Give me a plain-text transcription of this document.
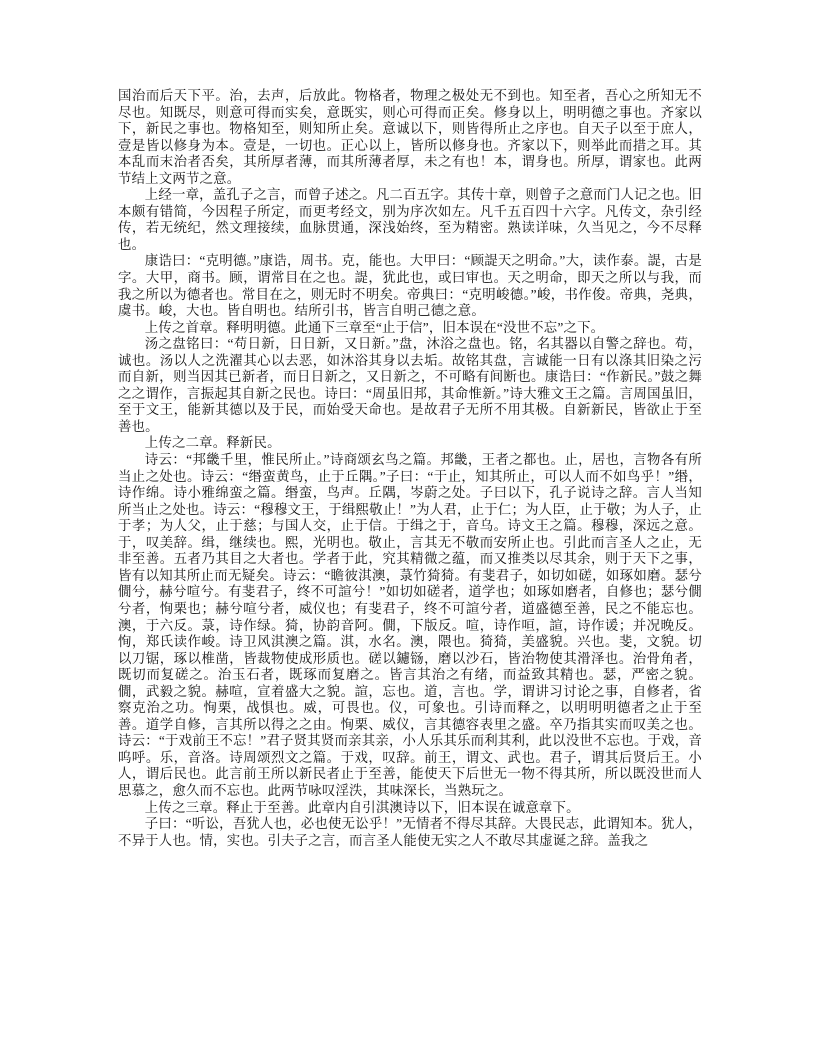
国治而后天下平。治，去声，后放此。物格者，物理之极处无不到也。知至者，吾心之所知无不尽也。知既尽，则意可得而实矣，意既实，则心可得而正矣。修身以上，明明德之事也。齐家以下，新民之事也。物格知至，则知所止矣。意诚以下，则皆得所止之序也。自天子以至于庶人，壹是皆以修身为本。壹是，一切也。正心以上，皆所以修身也。齐家以下，则举此而措之耳。其本乱而末治者否矣，其所厚者薄，而其所薄者厚，未之有也！本，谓身也。所厚，谓家也。此两节结上文两节之意。

上经一章，盖孔子之言，而曾子述之。凡二百五字。其传十章，则曾子之意而门人记之也。旧本颇有错简，今因程子所定，而更考经文，别为序次如左。凡千五百四十六字。凡传文，杂引经传，若无统纪，然文理接续，血脉贯通，深浅始终，至为精密。熟读详味，久当见之，今不尽释也。

康诰曰：“克明德。”康诰，周书。克，能也。大甲曰：“顾諟天之明命。”大，读作泰。諟，古是字。大甲，商书。顾，谓常目在之也。諟，犹此也，或曰审也。天之明命，即天之所以与我，而我之所以为德者也。常目在之，则无时不明矣。帝典曰：“克明峻德。”峻，书作俊。帝典，尧典，虞书。峻，大也。皆自明也。结所引书，皆言自明己德之意。

上传之首章。释明明德。此通下三章至“止于信”，旧本误在“没世不忘”之下。

汤之盘铭曰：“苟日新，日日新，又日新。”盘，沐浴之盘也。铭，名其器以自警之辞也。苟，诚也。汤以人之洗濯其心以去恶，如沐浴其身以去垢。故铭其盘，言诚能一日有以涤其旧染之污而自新，则当因其已新者，而日日新之，又日新之，不可略有间断也。康诰曰：“作新民。”鼓之舞之之谓作，言振起其自新之民也。诗曰：“周虽旧邦，其命惟新。”诗大雅文王之篇。言周国虽旧，至于文王，能新其德以及于民，而始受天命也。是故君子无所不用其极。自新新民，皆欲止于至善也。

上传之二章。释新民。

诗云：“邦畿千里，惟民所止。”诗商颂玄鸟之篇。邦畿，王者之都也。止，居也，言物各有所当止之处也。诗云：“缗蛮黄鸟，止于丘隅。”子曰：“于止，知其所止，可以人而不如鸟乎！”缗，诗作绵。诗小雅绵蛮之篇。缗蛮，鸟声。丘隅，岑蔚之处。子曰以下，孔子说诗之辞。言人当知所当止之处也。诗云：“穆穆文王，于缉熙敬止！”为人君，止于仁；为人臣，止于敬；为人子，止于孝；为人父，止于慈；与国人交，止于信。于缉之于，音乌。诗文王之篇。穆穆，深远之意。于，叹美辞。缉，继续也。熙，光明也。敬止，言其无不敬而安所止也。引此而言圣人之止，无非至善。五者乃其目之大者也。学者于此，究其精微之蕴，而又推类以尽其余，则于天下之事，皆有以知其所止而无疑矣。诗云：“瞻彼淇澳，菉竹猗猗。有斐君子，如切如磋，如琢如磨。瑟兮僩兮，赫兮喧兮。有斐君子，终不可諠兮！”如切如磋者，道学也；如琢如磨者，自修也；瑟兮僩兮者，恂栗也；赫兮喧兮者，威仪也；有斐君子，终不可諠兮者，道盛德至善，民之不能忘也。澳，于六反。菉，诗作绿。猗，协韵音阿。僩，下版反。喧，诗作咺，諠，诗作谖；并况晚反。恂，郑氏读作峻。诗卫风淇澳之篇。淇，水名。澳，隈也。猗猗，美盛貌。兴也。斐，文貌。切以刀锯，琢以椎凿，皆裁物使成形质也。磋以鑢铴，磨以沙石，皆治物使其滑泽也。治骨角者，既切而复磋之。治玉石者，既琢而复磨之。皆言其治之有绪，而益致其精也。瑟，严密之貌。僩，武毅之貌。赫喧，宣着盛大之貌。諠，忘也。道，言也。学，谓讲习讨论之事，自修者，省察克治之功。恂栗，战惧也。威，可畏也。仪，可象也。引诗而释之，以明明明德者之止于至善。道学自修，言其所以得之之由。恂栗、威仪，言其德容表里之盛。卒乃指其实而叹美之也。诗云：“于戏前王不忘！”君子贤其贤而亲其亲，小人乐其乐而利其利，此以没世不忘也。于戏，音呜呼。乐，音洛。诗周颂烈文之篇。于戏，叹辞。前王，谓文、武也。君子，谓其后贤后王。小人，谓后民也。此言前王所以新民者止于至善，能使天下后世无一物不得其所，所以既没世而人思慕之，愈久而不忘也。此两节咏叹淫泆，其味深长，当熟玩之。

上传之三章。释止于至善。此章内自引淇澳诗以下，旧本误在诚意章下。

子曰：“听讼，吾犹人也，必也使无讼乎！”无情者不得尽其辞。大畏民志，此谓知本。犹人，不异于人也。情，实也。引夫子之言，而言圣人能使无实之人不敢尽其虚诞之辞。盖我之
